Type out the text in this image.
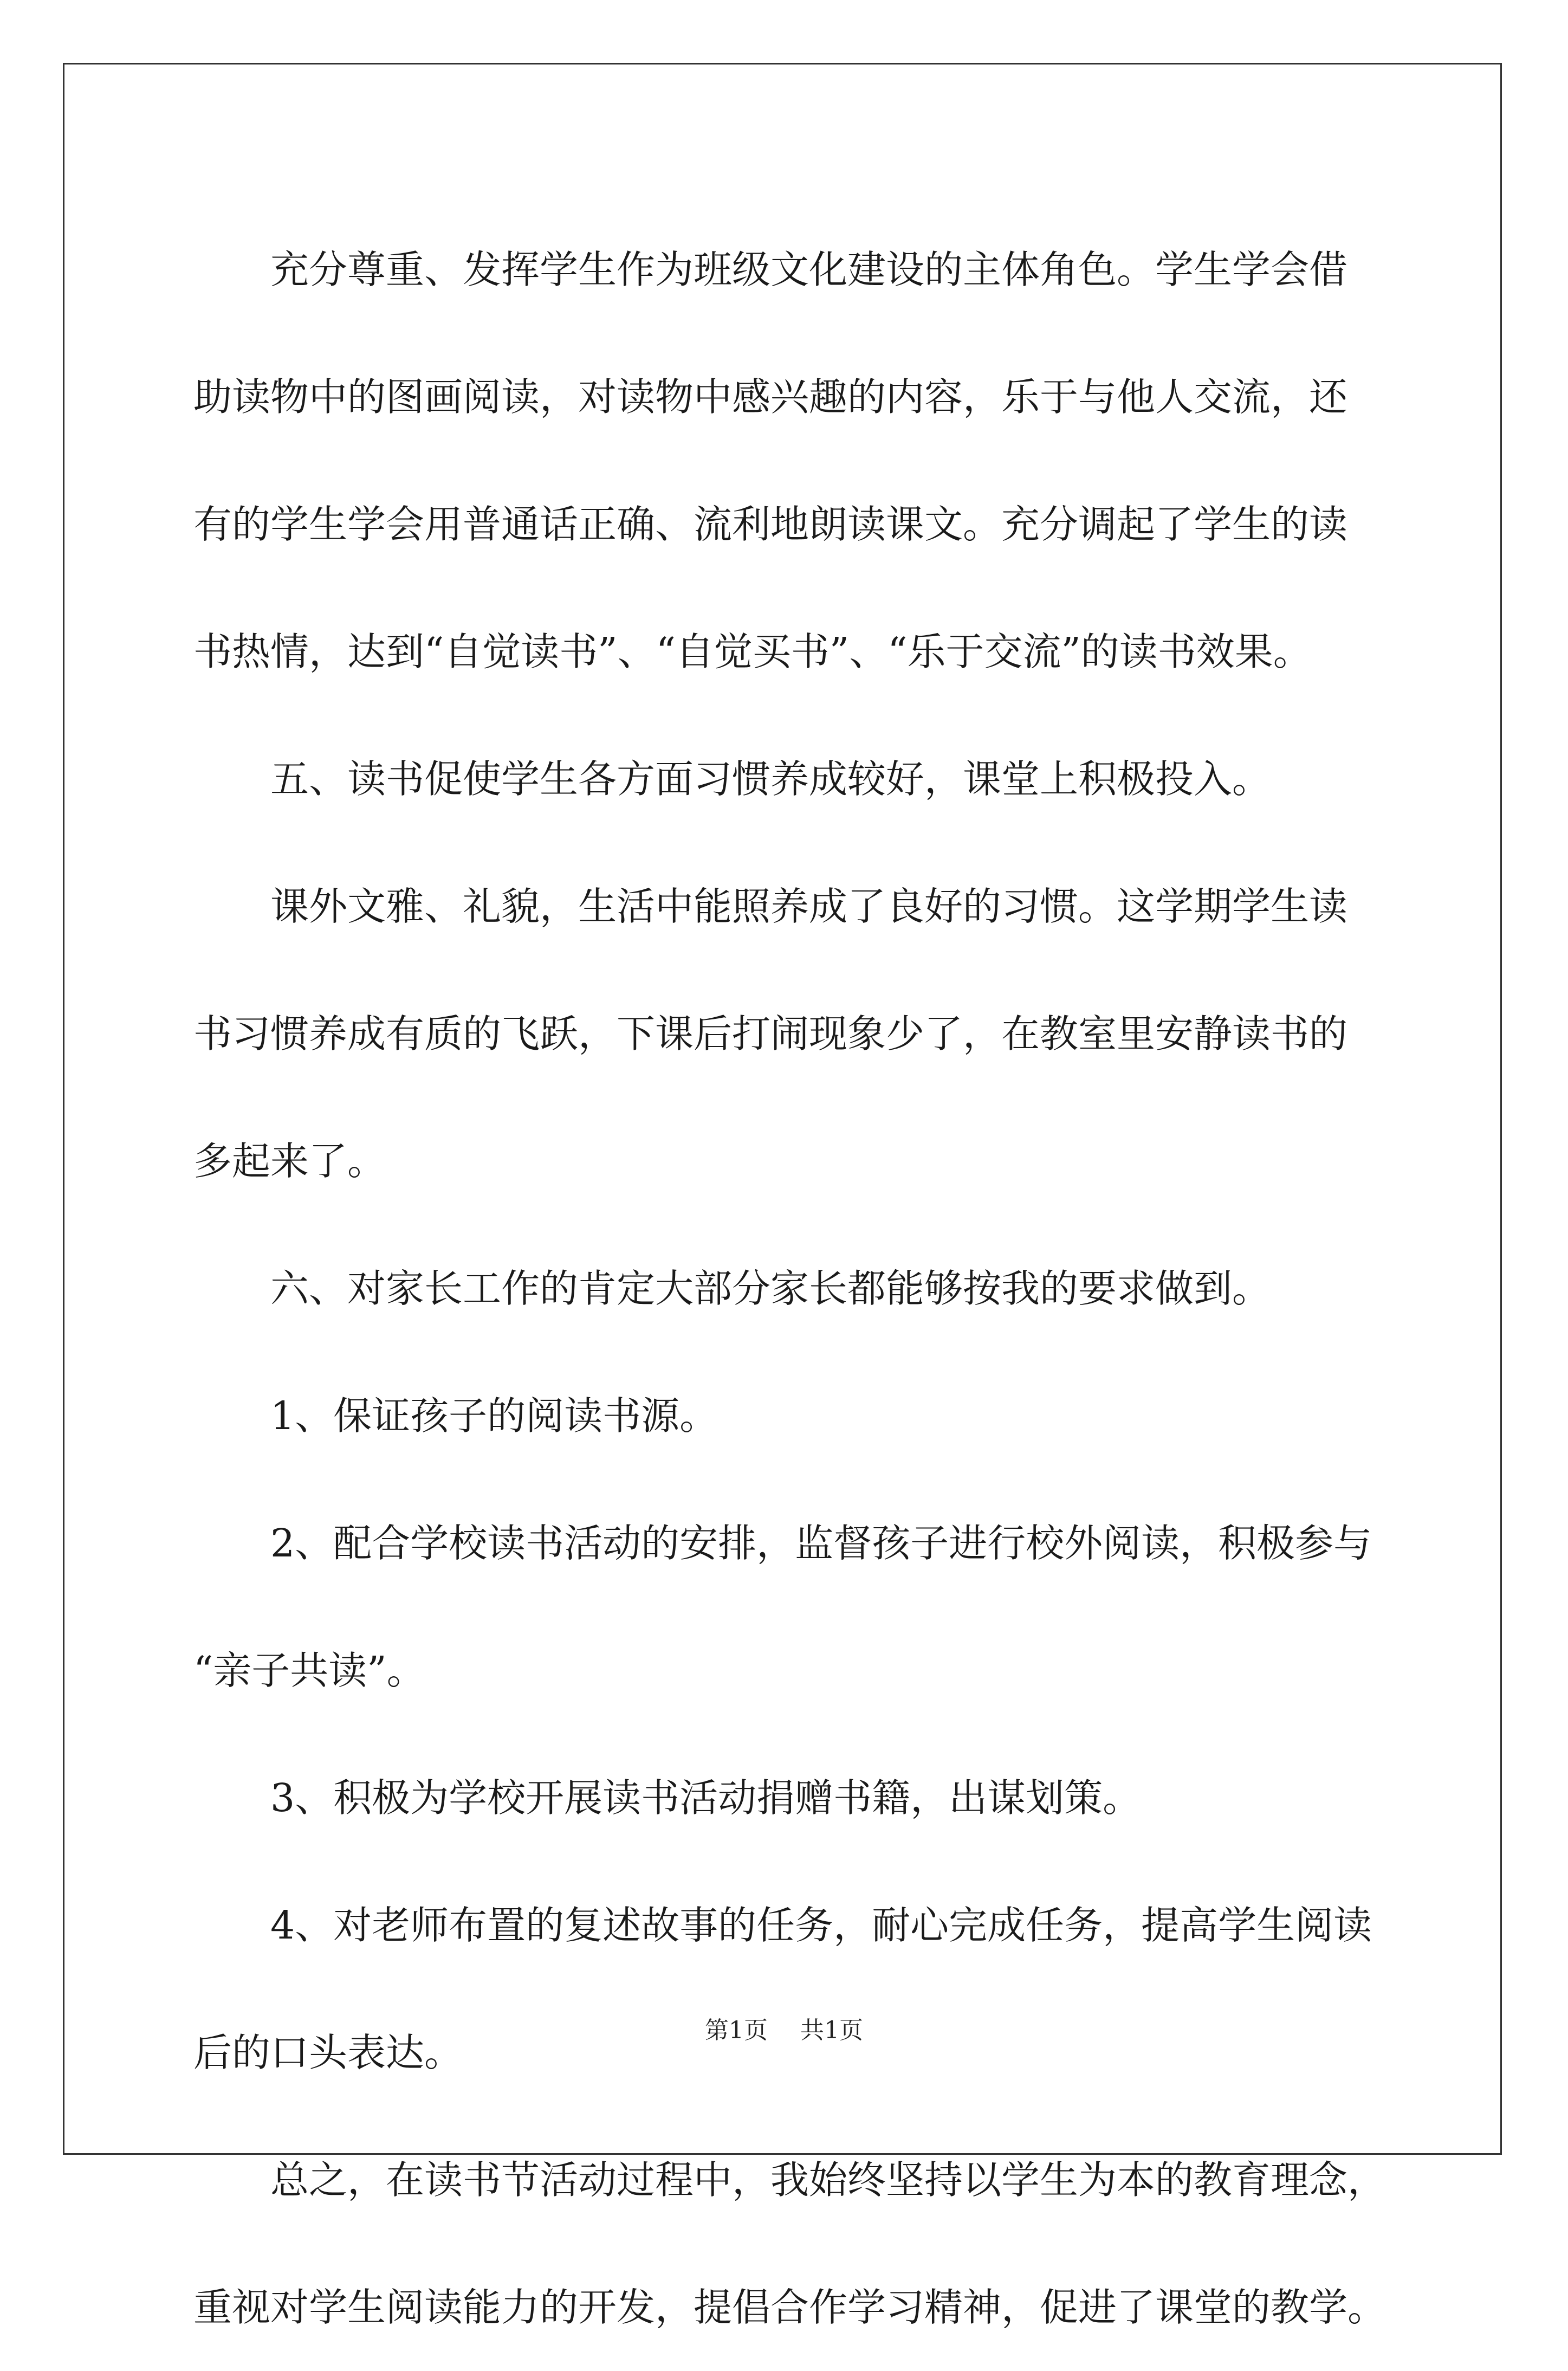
充分尊重、发挥学生作为班级文化建设的主体角色。学生学会借
助读物中的图画阅读，对读物中感兴趣的内容，乐于与他人交流，还
有的学生学会用普通话正确、流利地朗读课文。充分调起了学生的读
书热情，达到“自觉读书”、“自觉买书”、“乐于交流”的读书效果。
五、读书促使学生各方面习惯养成较好，课堂上积极投入。
课外文雅、礼貌，生活中能照养成了良好的习惯。这学期学生读
书习惯养成有质的飞跃，下课后打闹现象少了，在教室里安静读书的
多起来了。
六、对家长工作的肯定大部分家长都能够按我的要求做到。
1、保证孩子的阅读书源。
2、配合学校读书活动的安排，监督孩子进行校外阅读，积极参与
“亲子共读”。
3、积极为学校开展读书活动捐赠书籍，出谋划策。
4、对老师布置的复述故事的任务，耐心完成任务，提高学生阅读
后的口头表达。
总之，在读书节活动过程中，我始终坚持以学生为本的教育理念，
重视对学生阅读能力的开发，提倡合作学习精神，促进了课堂的教学。
第1页 共1页
